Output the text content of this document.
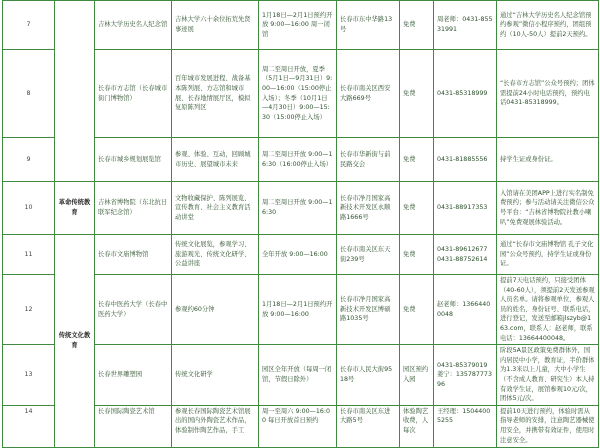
7		吉林大学历史名人纪念馆	吉林大学六十余位拓荒先贤事迹展	1月18日—2月1日预约开放 9:00—16:00 周一闭馆	长春市东中华路13号	免费	周老师：0431-85531991	通过“吉林大学历史名人纪念馆预约参观”微信小程序预约，团组预约（10人-50人）提前2天预约。

8		长春市方志馆（长春城市街门博物馆）	百年城市发展进程、战备基本陈列展、方志馆和城市展、长春地情展厅区，模拟复原陈列区	周二至周日开放，夏季（5月1日—9月31日）9:00—16:00（15:00停止入场）；冬季（10月1日—4月30日）9:00—15:30（15:00停止入场）	长春市南关区西安大路669号	免费	0431-85318999	“长春市方志馆”公众号预约；团体需提前24小时电话预约，预约电话0431-85318999。

9		长春市城乡规划展览馆	参观、体验、互动，回顾城市历史、展望城市未来	周二至周日开放 9:00—16:30（16:00停止入场）	长春市华新街与前民路交会	免费	0431-81885556	持学生证或身份证。

10	革命传统教育	吉林省博物院（东北抗日联军纪念馆）	文物收藏保护、陈列展览、宣传教育、社会主义教育活动讲堂	周二至周日开放 9:00—16:30	长春市净月国家高新技术开发区永顺路1666号	免费	0431-88917353	入馆请在美团APP上进行实名制免费预约；参与活动请关注微信公众号平台：“吉林省博物院社教小喇叭”免费观展体验活动。

11	传统文化教育	长春市文庙博物馆	传统文化展览，参观学习、旅游观光、传统文化研学、公益讲座	全年开放 9:00—16:00	长春市南关区东天街239号	免费	0431-89612677
0431-88752614	通过“长春市文庙博物馆 孔子文化园”公众号预约，持学生证或身份证。

12		长春中医药大学（长春中医药大学）	参观约60分钟	1月18日—2月1日预约开放 9:00—16:00	长春市净月国家高新技术开发区博硕路1035号	免费	赵老师：13664400048	提前7天电话预约，只接受团体（40-60人），须提前2天发送参观人员名单。请将参观单位、参观人员的姓名、身份证号、联系电话，进行登记，发送至邮箱jlszyb@163.com，联系人：赵老师，联系电话：13664400048。

13		长春世界雕塑园	传统文化研学	园区全年开放（每周一闭馆，节假日除外）	长春市人民大街9518号	园区预约入园	0431-85379019
姜宁：13578777396	阶段5A景区政策免费群体外，国内居民中小学，教育证，半价群体为1.3米以上儿童，大中小学生（不含成人教育、研究生）本人持有效学生证，展馆参观10元/次，团体5元/次。

14		长春国际陶瓷艺术馆	参观长春国际陶瓷艺术馆展出的国内外陶瓷艺术作品，体验制作陶艺作品，手工	周一至周六 9:00—16:00 每日开放首日预约	长春市南关区东进大路5号	体验陶艺收费，人每次	王经理：15044005255	提前10天进行预约，体验时需从指导老师的安排，注意陶艺器械使用安全，并携带有效证件，使用时注意安全。
